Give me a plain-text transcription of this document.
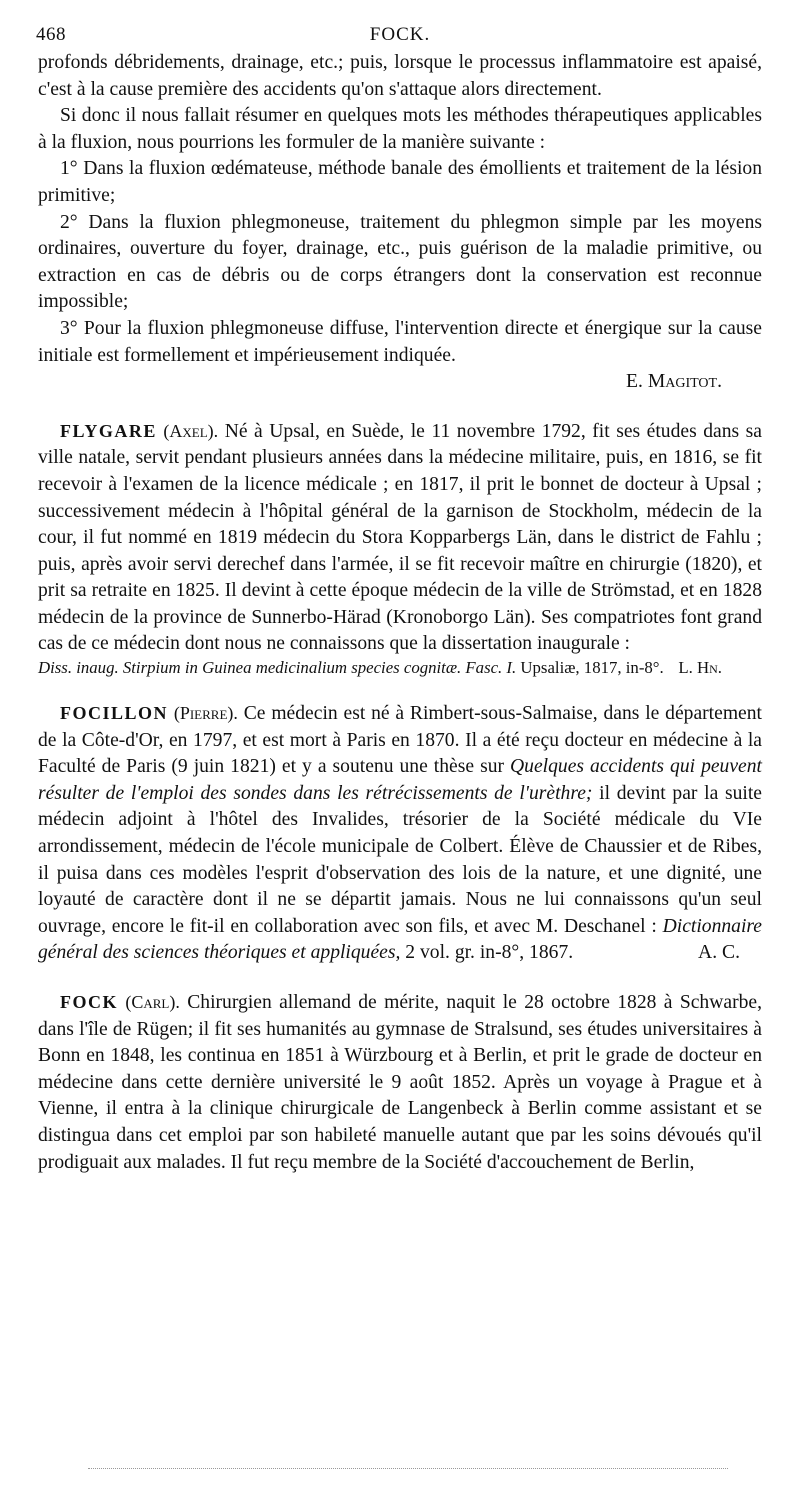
468	FOCK.

profonds débridements, drainage, etc.; puis, lorsque le processus inflammatoire est apaisé, c'est à la cause première des accidents qu'on s'attaque alors directement.

Si donc il nous fallait résumer en quelques mots les méthodes thérapeutiques applicables à la fluxion, nous pourrions les formuler de la manière suivante :

1° Dans la fluxion œdémateuse, méthode banale des émollients et traitement de la lésion primitive;

2° Dans la fluxion phlegmoneuse, traitement du phlegmon simple par les moyens ordinaires, ouverture du foyer, drainage, etc., puis guérison de la maladie primitive, ou extraction en cas de débris ou de corps étrangers dont la conservation est reconnue impossible;

3° Pour la fluxion phlegmoneuse diffuse, l'intervention directe et énergique sur la cause initiale est formellement et impérieusement indiquée.

E. Magitot.

FLYGARE (Axel). Né à Upsal, en Suède, le 11 novembre 1792, fit ses études dans sa ville natale, servit pendant plusieurs années dans la médecine militaire, puis, en 1816, se fit recevoir à l'examen de la licence médicale ; en 1817, il prit le bonnet de docteur à Upsal ; successivement médecin à l'hôpital général de la garnison de Stockholm, médecin de la cour, il fut nommé en 1819 médecin du Stora Kopparbergs Län, dans le district de Fahlu ; puis, après avoir servi derechef dans l'armée, il se fit recevoir maître en chirurgie (1820), et prit sa retraite en 1825. Il devint à cette époque médecin de la ville de Strömstad, et en 1828 médecin de la province de Sunnerbo-Härad (Kronoborgo Län). Ses compatriotes font grand cas de ce médecin dont nous ne connaissons que la dissertation inaugurale :

Diss. inaug. Stirpium in Guinea medicinalium species cognitæ. Fasc. I. Upsaliæ, 1817, in-8°. L. Hn.

FOCILLON (Pierre). Ce médecin est né à Rimbert-sous-Salmaise, dans le département de la Côte-d'Or, en 1797, et est mort à Paris en 1870. Il a été reçu docteur en médecine à la Faculté de Paris (9 juin 1821) et y a soutenu une thèse sur Quelques accidents qui peuvent résulter de l'emploi des sondes dans les rétrécissements de l'urèthre; il devint par la suite médecin adjoint à l'hôtel des Invalides, trésorier de la Société médicale du VIe arrondissement, médecin de l'école municipale de Colbert. Élève de Chaussier et de Ribes, il puisa dans ces modèles l'esprit d'observation des lois de la nature, et une dignité, une loyauté de caractère dont il ne se départit jamais. Nous ne lui connaissons qu'un seul ouvrage, encore le fit-il en collaboration avec son fils, et avec M. Deschanel : Dictionnaire général des sciences théoriques et appliquées, 2 vol. gr. in-8°, 1867.	A. C.

FOCK (Carl). Chirurgien allemand de mérite, naquit le 28 octobre 1828 à Schwarbe, dans l'île de Rügen; il fit ses humanités au gymnase de Stralsund, ses études universitaires à Bonn en 1848, les continua en 1851 à Würzbourg et à Berlin, et prit le grade de docteur en médecine dans cette dernière université le 9 août 1852. Après un voyage à Prague et à Vienne, il entra à la clinique chirurgicale de Langenbeck à Berlin comme assistant et se distingua dans cet emploi par son habileté manuelle autant que par les soins dévoués qu'il prodiguait aux malades. Il fut reçu membre de la Société d'accouchement de Berlin,
